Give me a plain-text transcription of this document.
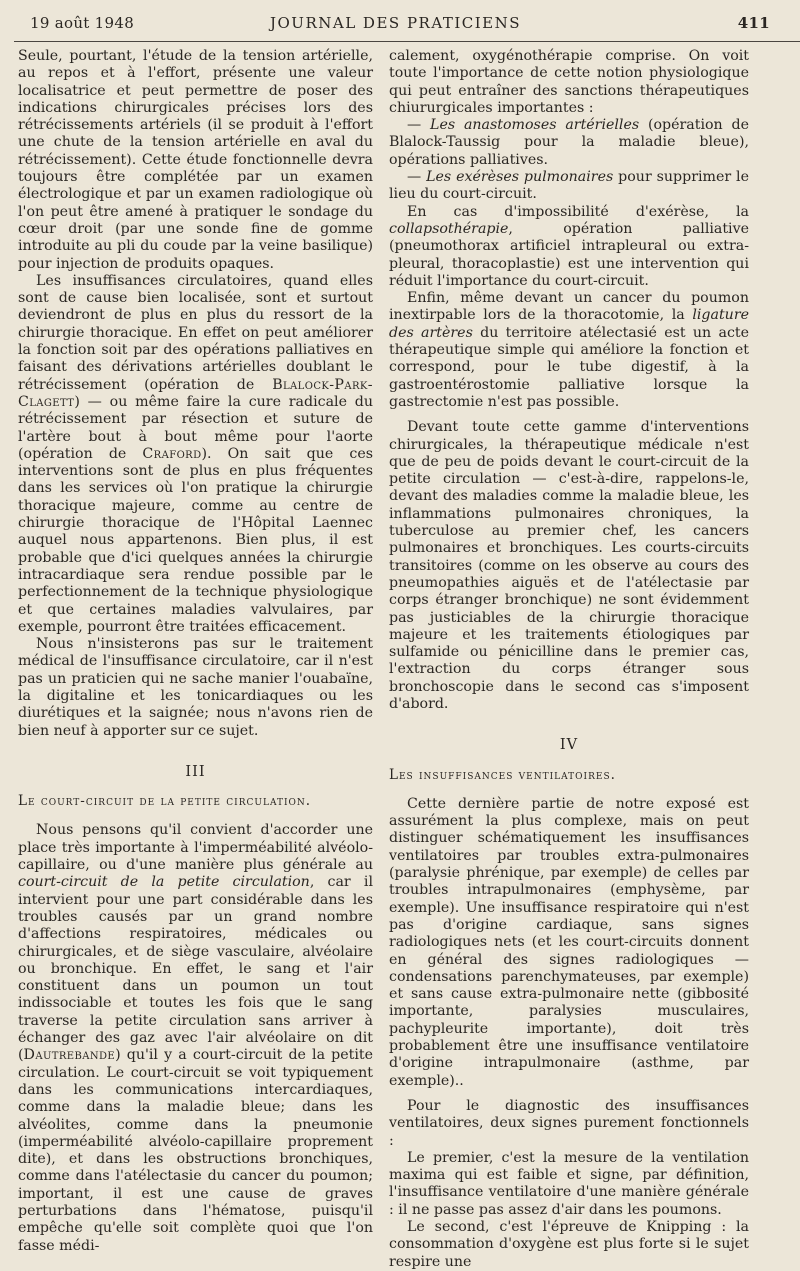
19 août 1948	JOURNAL DES PRATICIENS	411

Seule, pourtant, l'étude de la tension artérielle, au repos et à l'effort, présente une valeur localisatrice et peut permettre de poser des indications chirurgicales précises lors des rétrécissements artériels (il se produit à l'effort une chute de la tension artérielle en aval du rétrécissement). Cette étude fonctionnelle devra toujours être complétée par un examen électrologique et par un examen radiologique où l'on peut être amené à pratiquer le sondage du cœur droit (par une sonde fine de gomme introduite au pli du coude par la veine basilique) pour injection de produits opaques.

Les insuffisances circulatoires, quand elles sont de cause bien localisée, sont et surtout deviendront de plus en plus du ressort de la chirurgie thoracique. En effet on peut améliorer la fonction soit par des opérations palliatives en faisant des dérivations artérielles doublant le rétrécissement (opération de Blalock-Park-Clagett) — ou même faire la cure radicale du rétrécissement par résection et suture de l'artère bout à bout même pour l'aorte (opération de Craford). On sait que ces interventions sont de plus en plus fréquentes dans les services où l'on pratique la chirurgie thoracique majeure, comme au centre de chirurgie thoracique de l'Hôpital Laennec auquel nous appartenons. Bien plus, il est probable que d'ici quelques années la chirurgie intracardiaque sera rendue possible par le perfectionnement de la technique physiologique et que certaines maladies valvulaires, par exemple, pourront être traitées efficacement.

Nous n'insisterons pas sur le traitement médical de l'insuffisance circulatoire, car il n'est pas un praticien qui ne sache manier l'ouabaïne, la digitaline et les tonicardiaques ou les diurétiques et la saignée; nous n'avons rien de bien neuf à apporter sur ce sujet.

III
Le court-circuit de la petite circulation.

Nous pensons qu'il convient d'accorder une place très importante à l'imperméabilité alvéolo-capillaire, ou d'une manière plus générale au court-circuit de la petite circulation, car il intervient pour une part considérable dans les troubles causés par un grand nombre d'affections respiratoires, médicales ou chirurgicales, et de siège vasculaire, alvéolaire ou bronchique. En effet, le sang et l'air constituent dans un poumon un tout indissociable et toutes les fois que le sang traverse la petite circulation sans arriver à échanger des gaz avec l'air alvéolaire on dit (Dautrebande) qu'il y a court-circuit de la petite circulation. Le court-circuit se voit typiquement dans les communications intercardiaques, comme dans la maladie bleue; dans les alvéolites, comme dans la pneumonie (imperméabilité alvéolo-capillaire proprement dite), et dans les obstructions bronchiques, comme dans l'atélectasie du cancer du poumon; important, il est une cause de graves perturbations dans l'hématose, puisqu'il empêche qu'elle soit complète quoi que l'on fasse médi-

calement, oxygénothérapie comprise. On voit toute l'importance de cette notion physiologique qui peut entraîner des sanctions thérapeutiques chiururgicales importantes :

— Les anastomoses artérielles (opération de Blalock-Taussig pour la maladie bleue), opérations palliatives.

— Les exérèses pulmonaires pour supprimer le lieu du court-circuit.

En cas d'impossibilité d'exérèse, la collapsothérapie, opération palliative (pneumothorax artificiel intrapleural ou extra-pleural, thoracoplastie) est une intervention qui réduit l'importance du court-circuit.

Enfin, même devant un cancer du poumon inextirpable lors de la thoracotomie, la ligature des artères du territoire atélectasié est un acte thérapeutique simple qui améliore la fonction et correspond, pour le tube digestif, à la gastroentérostomie palliative lorsque la gastrectomie n'est pas possible.

Devant toute cette gamme d'interventions chirurgicales, la thérapeutique médicale n'est que de peu de poids devant le court-circuit de la petite circulation — c'est-à-dire, rappelons-le, devant des maladies comme la maladie bleue, les inflammations pulmonaires chroniques, la tuberculose au premier chef, les cancers pulmonaires et bronchiques. Les courts-circuits transitoires (comme on les observe au cours des pneumopathies aiguës et de l'atélectasie par corps étranger bronchique) ne sont évidemment pas justiciables de la chirurgie thoracique majeure et les traitements étiologiques par sulfamide ou pénicilline dans le premier cas, l'extraction du corps étranger sous bronchoscopie dans le second cas s'imposent d'abord.

IV
Les insuffisances ventilatoires.

Cette dernière partie de notre exposé est assurément la plus complexe, mais on peut distinguer schématiquement les insuffisances ventilatoires par troubles extra-pulmonaires (paralysie phrénique, par exemple) de celles par troubles intrapulmonaires (emphysème, par exemple). Une insuffisance respiratoire qui n'est pas d'origine cardiaque, sans signes radiologiques nets (et les court-circuits donnent en général des signes radiologiques — condensations parenchymateuses, par exemple) et sans cause extra-pulmonaire nette (gibbosité importante, paralysies musculaires, pachypleurite importante), doit très probablement être une insuffisance ventilatoire d'origine intrapulmonaire (asthme, par exemple)..

Pour le diagnostic des insuffisances ventilatoires, deux signes purement fonctionnels :

Le premier, c'est la mesure de la ventilation maxima qui est faible et signe, par définition, l'insuffisance ventilatoire d'une manière générale : il ne passe pas assez d'air dans les poumons.

Le second, c'est l'épreuve de Knipping : la consommation d'oxygène est plus forte si le sujet respire une
